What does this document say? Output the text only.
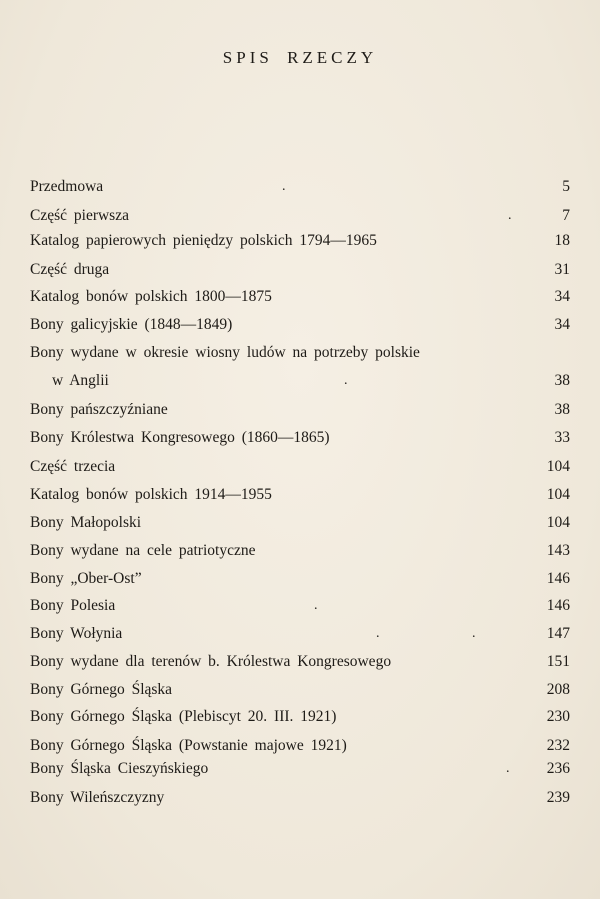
SPIS RZECZY
Przedmowa	.	5
Część pierwsza	.	7
Katalog papierowych pieniędzy polskich 1794—1965	18
Część druga	31
Katalog bonów polskich 1800—1875	34
Bony galicyjskie (1848—1849)	34
Bony wydane w okresie wiosny ludów na potrzeby polskie
w Anglii	.	38
Bony pańszczyźniane	38
Bony Królestwa Kongresowego (1860—1865)	33
Część trzecia	104
Katalog bonów polskich 1914—1955	104
Bony Małopolski	104
Bony wydane na cele patriotyczne	143
Bony „Ober-Ost”	146
Bony Polesia	.	146
Bony Wołynia	.	.	147
Bony wydane dla terenów b. Królestwa Kongresowego	151
Bony Górnego Śląska	208
Bony Górnego Śląska (Plebiscyt 20. III. 1921)	230
Bony Górnego Śląska (Powstanie majowe 1921)	232
Bony Śląska Cieszyńskiego	. 236
Bony Wileńszczyzny	239
